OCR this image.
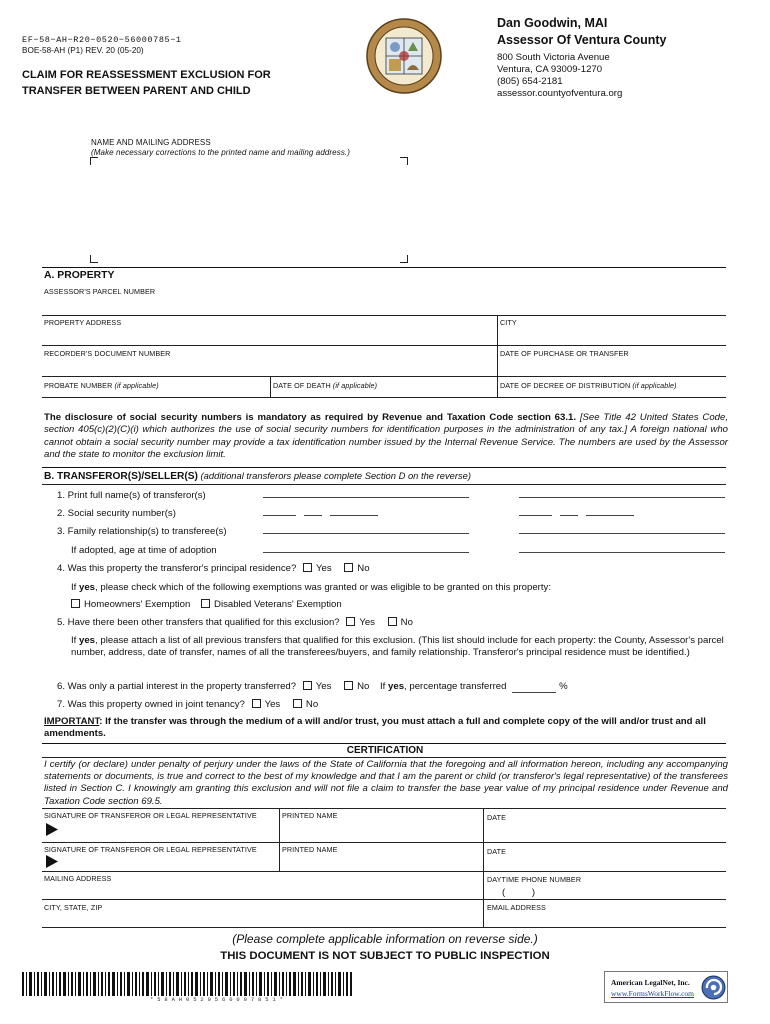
EF−58−AH−R20−0520−56000785−1
BOE-58-AH (P1) REV. 20 (05-20)
CLAIM FOR REASSESSMENT EXCLUSION FOR
TRANSFER BETWEEN PARENT AND CHILD
Dan Goodwin, MAI
Assessor Of Ventura County
800 South Victoria Avenue
Ventura, CA 93009-1270
(805) 654-2181
assessor.countyofventura.org
NAME AND MAILING ADDRESS
(Make necessary corrections to the printed name and mailing address.)
A. PROPERTY
ASSESSOR'S PARCEL NUMBER
PROPERTY ADDRESS	CITY
RECORDER'S DOCUMENT NUMBER	DATE OF PURCHASE OR TRANSFER
PROBATE NUMBER (if applicable)	DATE OF DEATH (if applicable)	DATE OF DECREE OF DISTRIBUTION (if applicable)
The disclosure of social security numbers is mandatory as required by Revenue and Taxation Code section 63.1. [See Title 42 United States Code, section 405(c)(2)(C)(i) which authorizes the use of social security numbers for identification purposes in the administration of any tax.] A foreign national who cannot obtain a social security number may provide a tax identification number issued by the Internal Revenue Service. The numbers are used by the Assessor and the state to monitor the exclusion limit.
B. TRANSFEROR(S)/SELLER(S) (additional transferors please complete Section D on the reverse)
1. Print full name(s) of transferor(s)
2. Social security number(s)
3. Family relationship(s) to transferee(s)
If adopted, age at time of adoption
4. Was this property the transferor's principal residence? Yes	No
If yes, please check which of the following exemptions was granted or was eligible to be granted on this property:
Homeowners' Exemption Disabled Veterans' Exemption
5. Have there been other transfers that qualified for this exclusion? Yes	No
If yes, please attach a list of all previous transfers that qualified for this exclusion. (This list should include for each property: the County, Assessor's parcel number, address, date of transfer, names of all the transferees/buyers, and family relationship. Transferor's principal residence must be identified.)
6. Was only a partial interest in the property transferred? Yes	No If yes, percentage transferred	%
7. Was this property owned in joint tenancy? Yes	No
IMPORTANT: If the transfer was through the medium of a will and/or trust, you must attach a full and complete copy of the will and/or trust and all amendments.
CERTIFICATION
I certify (or declare) under penalty of perjury under the laws of the State of California that the foregoing and all information hereon, including any accompanying statements or documents, is true and correct to the best of my knowledge and that I am the parent or child (or transferor's legal representative) of the transferees listed in Section C. I knowingly am granting this exclusion and will not file a claim to transfer the base year value of my principal residence under Revenue and Taxation Code section 69.5.
SIGNATURE OF TRANSFEROR OR LEGAL REPRESENTATIVE	PRINTED NAME	DATE
SIGNATURE OF TRANSFEROR OR LEGAL REPRESENTATIVE	PRINTED NAME	DATE
MAILING ADDRESS	DAYTIME PHONE NUMBER
(          )
CITY, STATE, ZIP	EMAIL ADDRESS
(Please complete applicable information on reverse side.)
THIS DOCUMENT IS NOT SUBJECT TO PUBLIC INSPECTION
* 5 8 A H 0 5 2 0 5 6 0 0 0 7 8 5 1 *
American LegalNet, Inc.
www.FormsWorkFlow.com
